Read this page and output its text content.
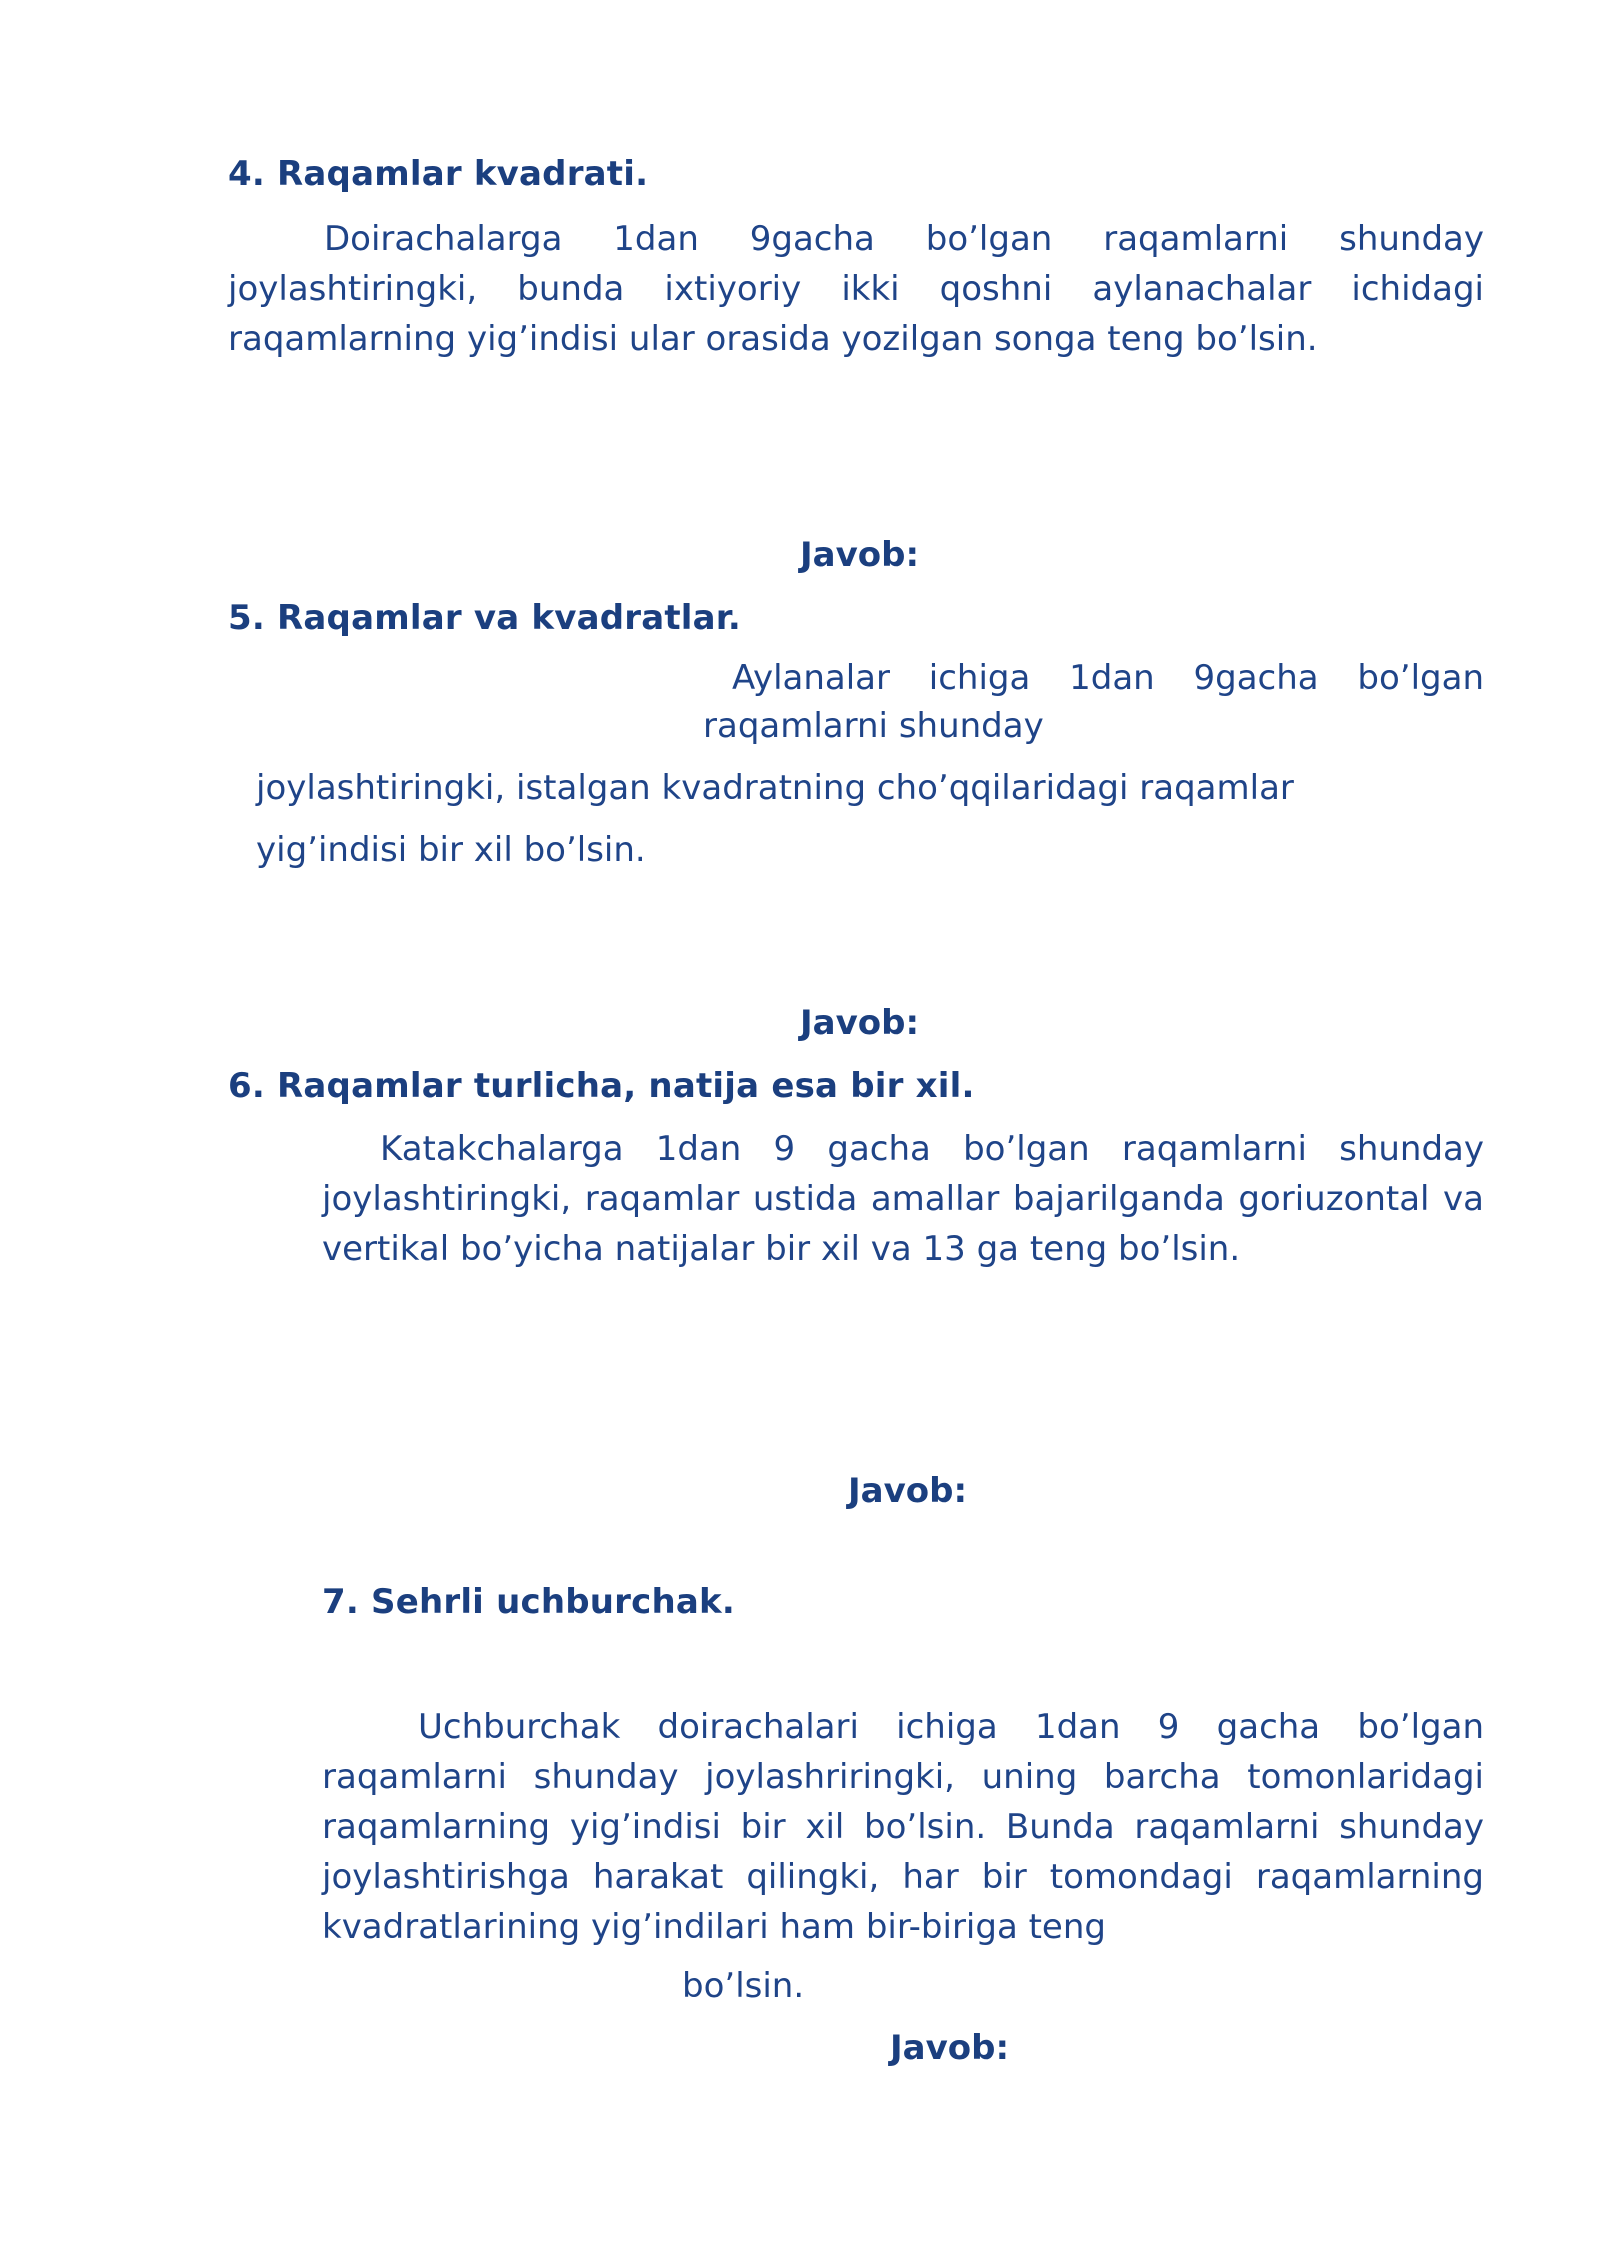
4. Raqamlar kvadrati.

Doirachalarga 1dan 9gacha bo’lgan raqamlarni shunday joylashtiringki, bunda ixtiyoriy ikki qoshni aylanachalar ichidagi raqamlarning yig’indisi ular orasida yozilgan songa teng bo’lsin.

Javob:
5. Raqamlar va kvadratlar.
Aylanalar ichiga 1dan 9gacha bo’lgan
raqamlarni shunday
joylashtiringki, istalgan kvadratning cho’qqilaridagi raqamlar
yig’indisi bir xil bo’lsin.
Javob:
6. Raqamlar turlicha, natija esa bir xil.

Katakchalarga 1dan 9 gacha bo’lgan raqamlarni shunday joylashtiringki, raqamlar ustida amallar bajarilganda goriuzontal va vertikal bo’yicha natijalar bir xil va 13 ga teng bo’lsin.

Javob:
7. Sehrli uchburchak.

Uchburchak doirachalari ichiga 1dan 9 gacha bo’lgan raqamlarni shunday joylashriringki, uning barcha tomonlaridagi raqamlarning yig’indisi bir xil bo’lsin. Bunda raqamlarni shunday joylashtirishga harakat qilingki, har bir tomondagi raqamlarning kvadratlarining yig’indilari ham bir-biriga teng

bo’lsin.
Javob:
